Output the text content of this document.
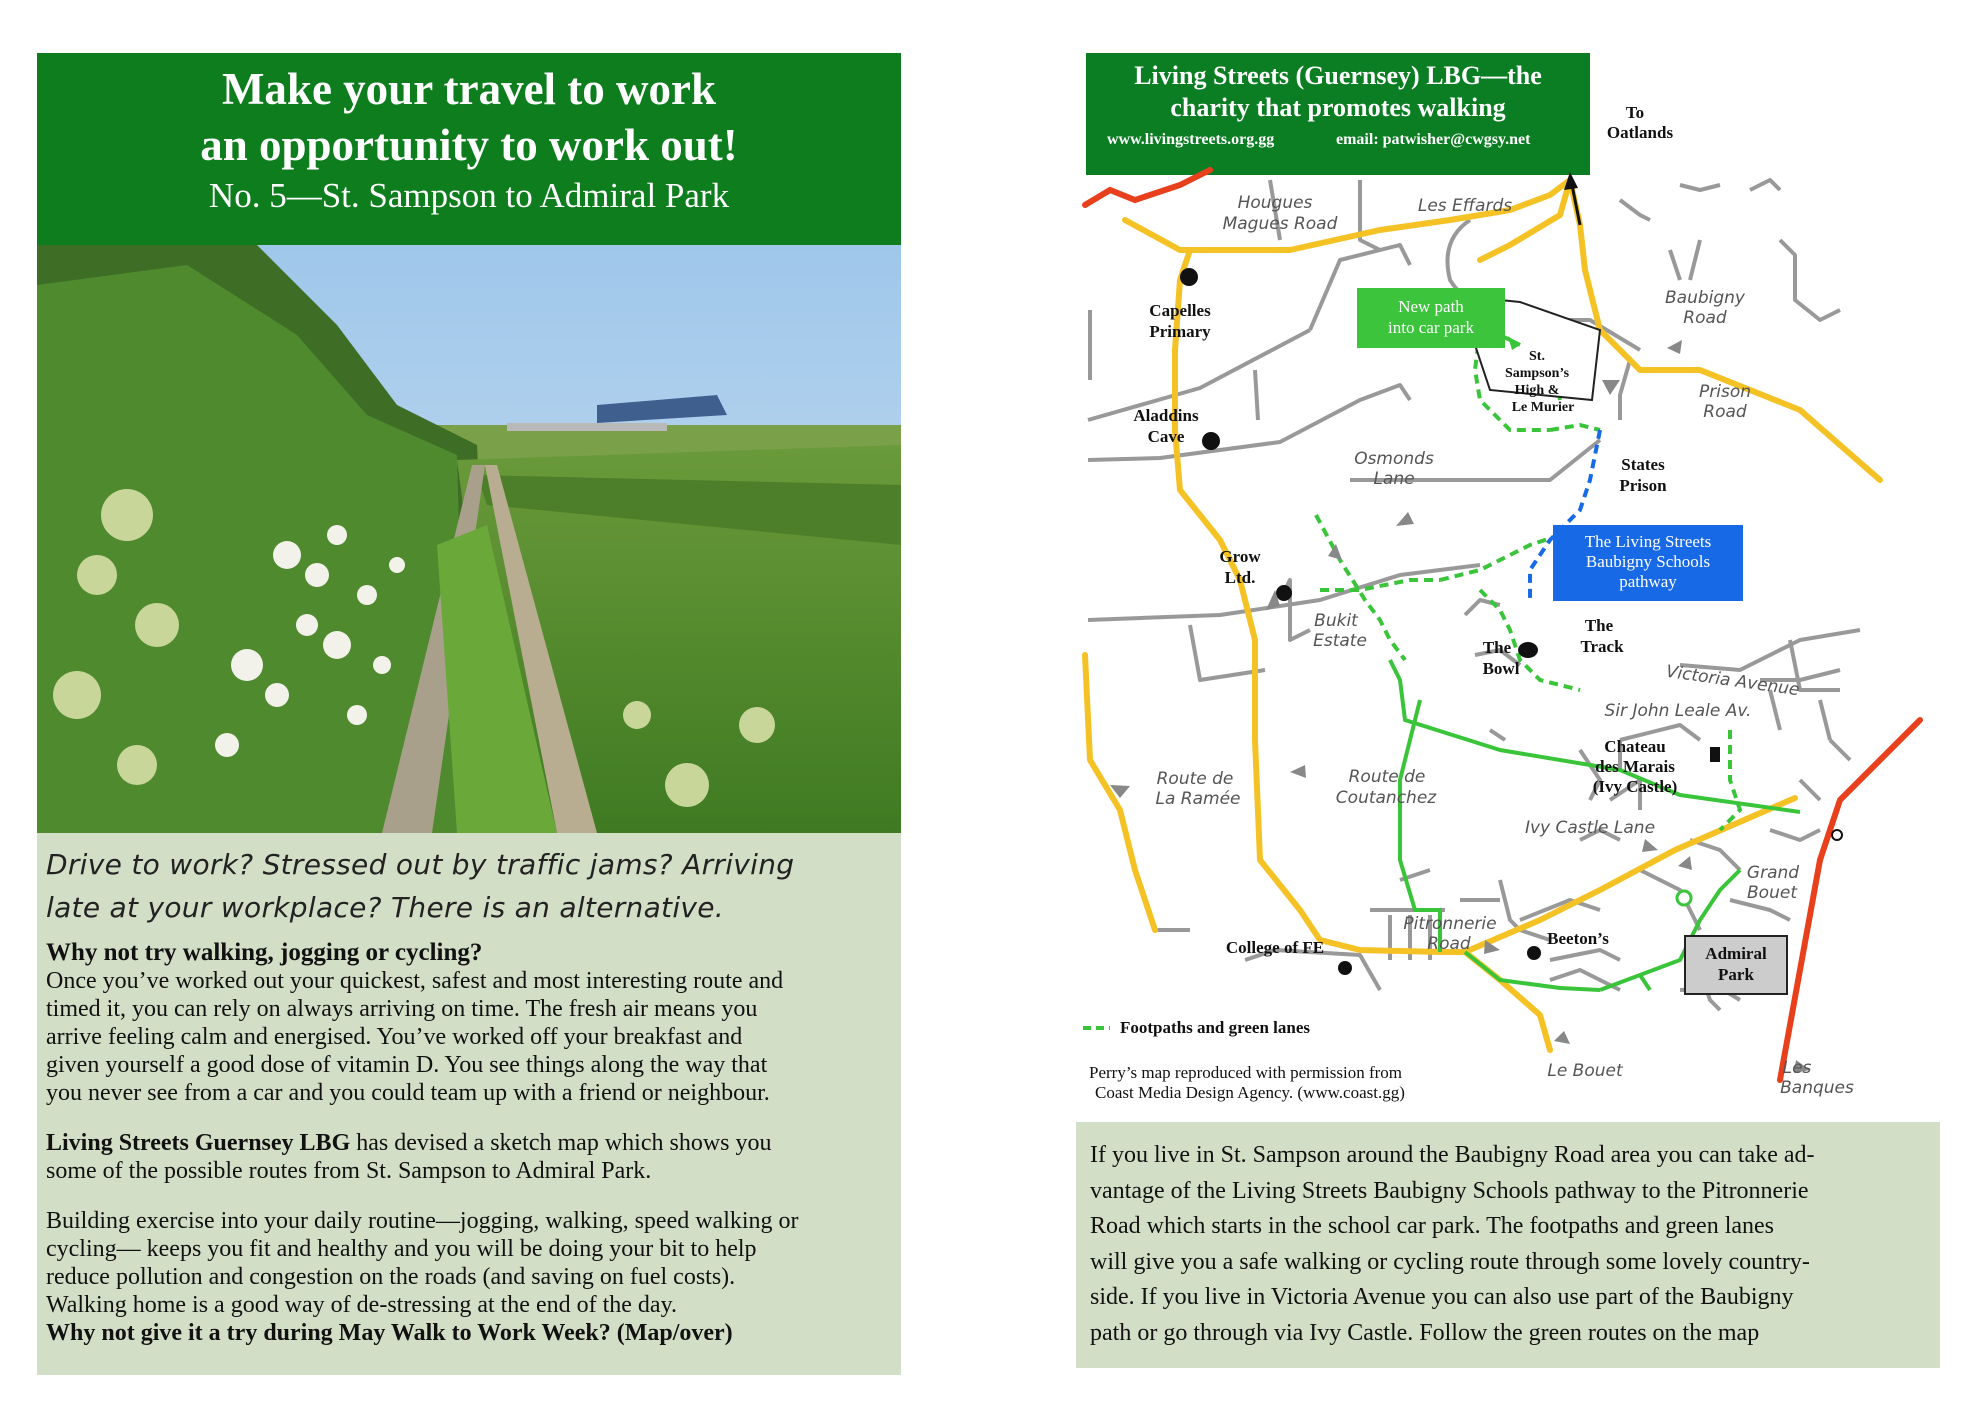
Make your travel to work
an opportunity to work out!
No. 5—St. Sampson to Admiral Park
Drive to work? Stressed out by traffic jams? Arriving
late at your workplace? There is an alternative.
Why not try walking, jogging or cycling?
Once you’ve worked out your quickest, safest and most interesting route and
timed it, you can rely on always arriving on time. The fresh air means you
arrive feeling calm and energised. You’ve worked off your breakfast and
given yourself a good dose of vitamin D. You see things along the way that
you never see from a car and you could team up with a friend or neighbour.
Living Streets Guernsey LBG has devised a sketch map which shows you
some of the possible routes from St. Sampson to Admiral Park.
Building exercise into your daily routine—jogging, walking, speed walking or
cycling— keeps you fit and healthy and you will be doing your bit to help
reduce pollution and congestion on the roads (and saving on fuel costs).
Walking home is a good way of de-stressing at the end of the day.
Why not give it a try during May Walk to Work Week? (Map/over)
Living Streets (Guernsey) LBG—the
charity that promotes walking
www.livingstreets.org.gg	email: patwisher@cwgsy.net
New path
into car park
The Living Streets
Baubigny Schools
pathway
Admiral
Park
To
Oatlands
Capelles
Primary
St.
Sampson’s
High &
Le Murier
Aladdins
Cave
States
Prison
Grow
Ltd.
The
Bowl
The
Track
Chateau
des Marais
(Ivy Castle)
Beeton’s
College of FE
Hougues
Magues Road
Les Effards
Baubigny
Road
Prison
Road
Osmonds
Lane
Bukit
Estate
Victoria Avenue
Sir John Leale Av.
Route de
La Ramée
Route de
Coutanchez
Ivy Castle Lane
Grand
Bouet
Pitronnerie
Road
Le Bouet	Les
Banques
Footpaths and green lanes
Perry’s map reproduced with permission from
Coast Media Design Agency. (www.coast.gg)
If you live in St. Sampson around the Baubigny Road area you can take ad-
vantage of the Living Streets Baubigny Schools pathway to the Pitronnerie
Road which starts in the school car park. The footpaths and green lanes
will give you a safe walking or cycling route through some lovely country-
side. If you live in Victoria Avenue you can also use part of the Baubigny
path or go through via Ivy Castle. Follow the green routes on the map
